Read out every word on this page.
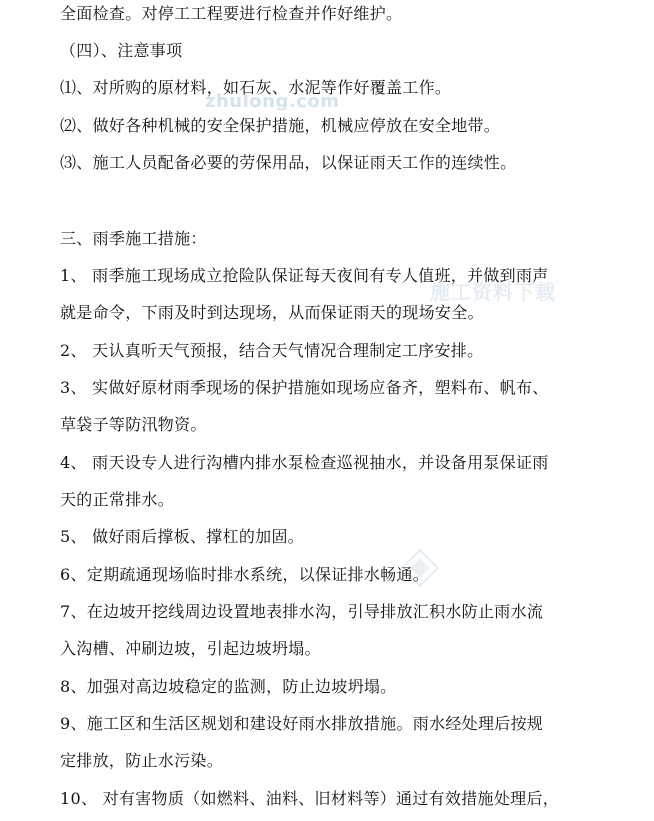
zhulong.com
施工资料下载
全面检查。对停工工程要进行检查并作好维护。
（四）、注意事项
⑴、对所购的原材料，如石灰、水泥等作好覆盖工作。
⑵、做好各种机械的安全保护措施，机械应停放在安全地带。
⑶、施工人员配备必要的劳保用品，以保证雨天工作的连续性。
三、雨季施工措施：
1、 雨季施工现场成立抢险队保证每天夜间有专人值班，并做到雨声
就是命令，下雨及时到达现场，从而保证雨天的现场安全。
2、 天认真听天气预报，结合天气情况合理制定工序安排。
3、 实做好原材雨季现场的保护措施如现场应备齐，塑料布、帆布、
草袋子等防汛物资。
4、 雨天设专人进行沟槽内排水泵检查巡视抽水，并设备用泵保证雨
天的正常排水。
5、 做好雨后撑板、撑杠的加固。
6、定期疏通现场临时排水系统，以保证排水畅通。
7、在边坡开挖线周边设置地表排水沟，引导排放汇积水防止雨水流
入沟槽、冲刷边坡，引起边坡坍塌。
8、加强对高边坡稳定的监测，防止边坡坍塌。
9、施工区和生活区规划和建设好雨水排放措施。雨水经处理后按规
定排放，防止水污染。
10、 对有害物质（如燃料、油料、旧材料等）通过有效措施处理后，
